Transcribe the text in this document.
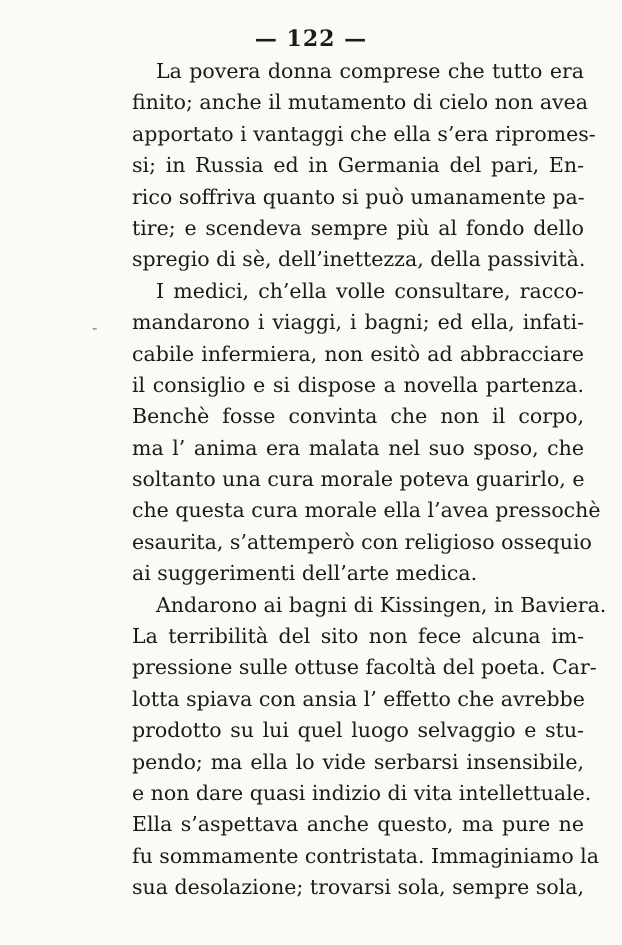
— 122 —
-
La povera donna comprese che tutto era
finito; anche il mutamento di cielo non avea
apportato i vantaggi che ella s’era ripromes-
si; in Russia ed in Germania del pari, En-
rico soffriva quanto si può umanamente pa-
tire; e scendeva sempre più al fondo dello
spregio di sè, dell’inettezza, della passività.
I medici, ch’ella volle consultare, racco-
mandarono i viaggi, i bagni; ed ella, infati-
cabile infermiera, non esitò ad abbracciare
il consiglio e si dispose a novella partenza.
Benchè fosse convinta che non il corpo,
ma l’ anima era malata nel suo sposo, che
soltanto una cura morale poteva guarirlo, e
che questa cura morale ella l’avea pressochè
esaurita, s’attemperò con religioso ossequio
ai suggerimenti dell’arte medica.
Andarono ai bagni di Kissingen, in Baviera.
La terribilità del sito non fece alcuna im-
pressione sulle ottuse facoltà del poeta. Car-
lotta spiava con ansia l’ effetto che avrebbe
prodotto su lui quel luogo selvaggio e stu-
pendo; ma ella lo vide serbarsi insensibile,
e non dare quasi indizio di vita intellettuale.
Ella s’aspettava anche questo, ma pure ne
fu sommamente contristata. Immaginiamo la
sua desolazione; trovarsi sola, sempre sola,
